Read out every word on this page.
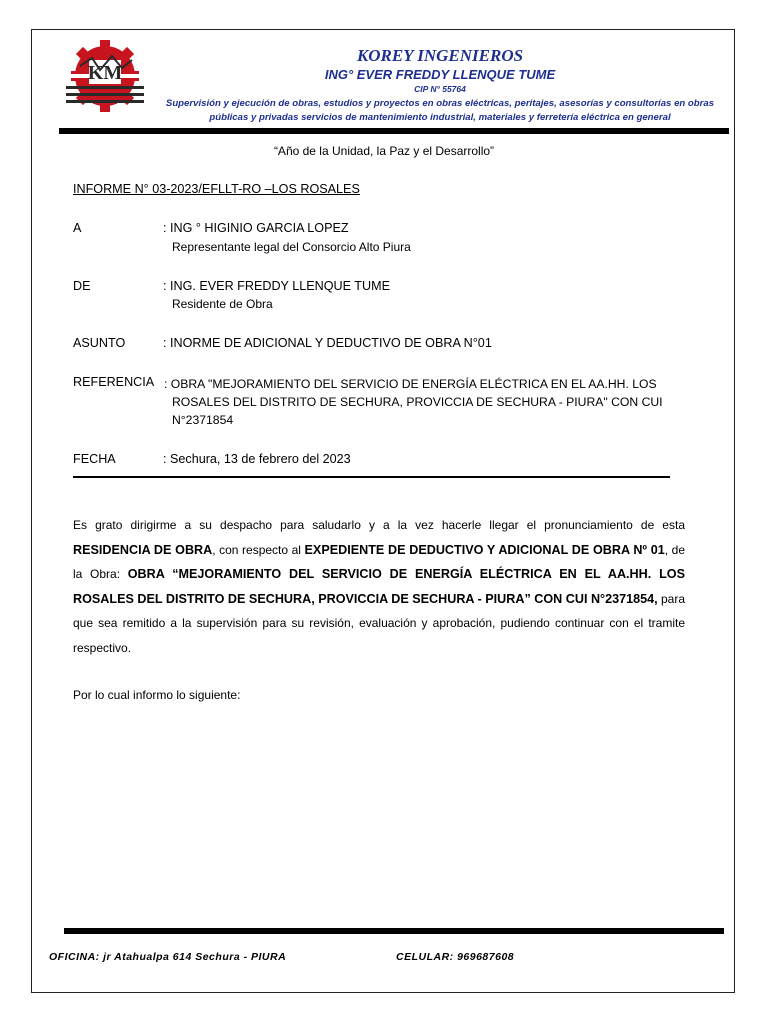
KM
KOREY INGENIEROS
ING° EVER FREDDY LLENQUE TUME
CIP N° 55764
Supervisión y ejecución de obras, estudios y proyectos en obras eléctricas, peritajes, asesorías y consultorías en obras públicas y privadas servicios de mantenimiento industrial, materiales y ferretería eléctrica en general
“Año de la Unidad, la Paz y el Desarrollo”
INFORME N° 03-2023/EFLLT-RO –LOS ROSALES
A	: ING ° HIGINIO GARCIA LOPEZ
Representante legal del Consorcio Alto Piura
DE	: ING. EVER FREDDY LLENQUE TUME
Residente de Obra
ASUNTO	: INORME DE ADICIONAL Y DEDUCTIVO DE OBRA N°01
REFERENCIA : OBRA "MEJORAMIENTO DEL SERVICIO DE ENERGÍA ELÉCTRICA EN EL AA.HH. LOS
ROSALES DEL DISTRITO DE SECHURA, PROVICCIA DE SECHURA - PIURA" CON CUI N°2371854
FECHA	: Sechura, 13 de febrero del 2023
Es grato dirigirme a su despacho para saludarlo y a la vez hacerle llegar el pronunciamiento de esta RESIDENCIA DE OBRA, con respecto al EXPEDIENTE DE DEDUCTIVO Y ADICIONAL DE OBRA Nº 01, de la Obra: OBRA “MEJORAMIENTO DEL SERVICIO DE ENERGÍA ELÉCTRICA EN EL AA.HH. LOS ROSALES DEL DISTRITO DE SECHURA, PROVICCIA DE SECHURA - PIURA” CON CUI N°2371854, para que sea remitido a la supervisión para su revisión, evaluación y aprobación, pudiendo continuar con el tramite respectivo.
Por lo cual informo lo siguiente:
OFICINA: jr Atahualpa 614 Sechura - PIURA	CELULAR: 969687608
